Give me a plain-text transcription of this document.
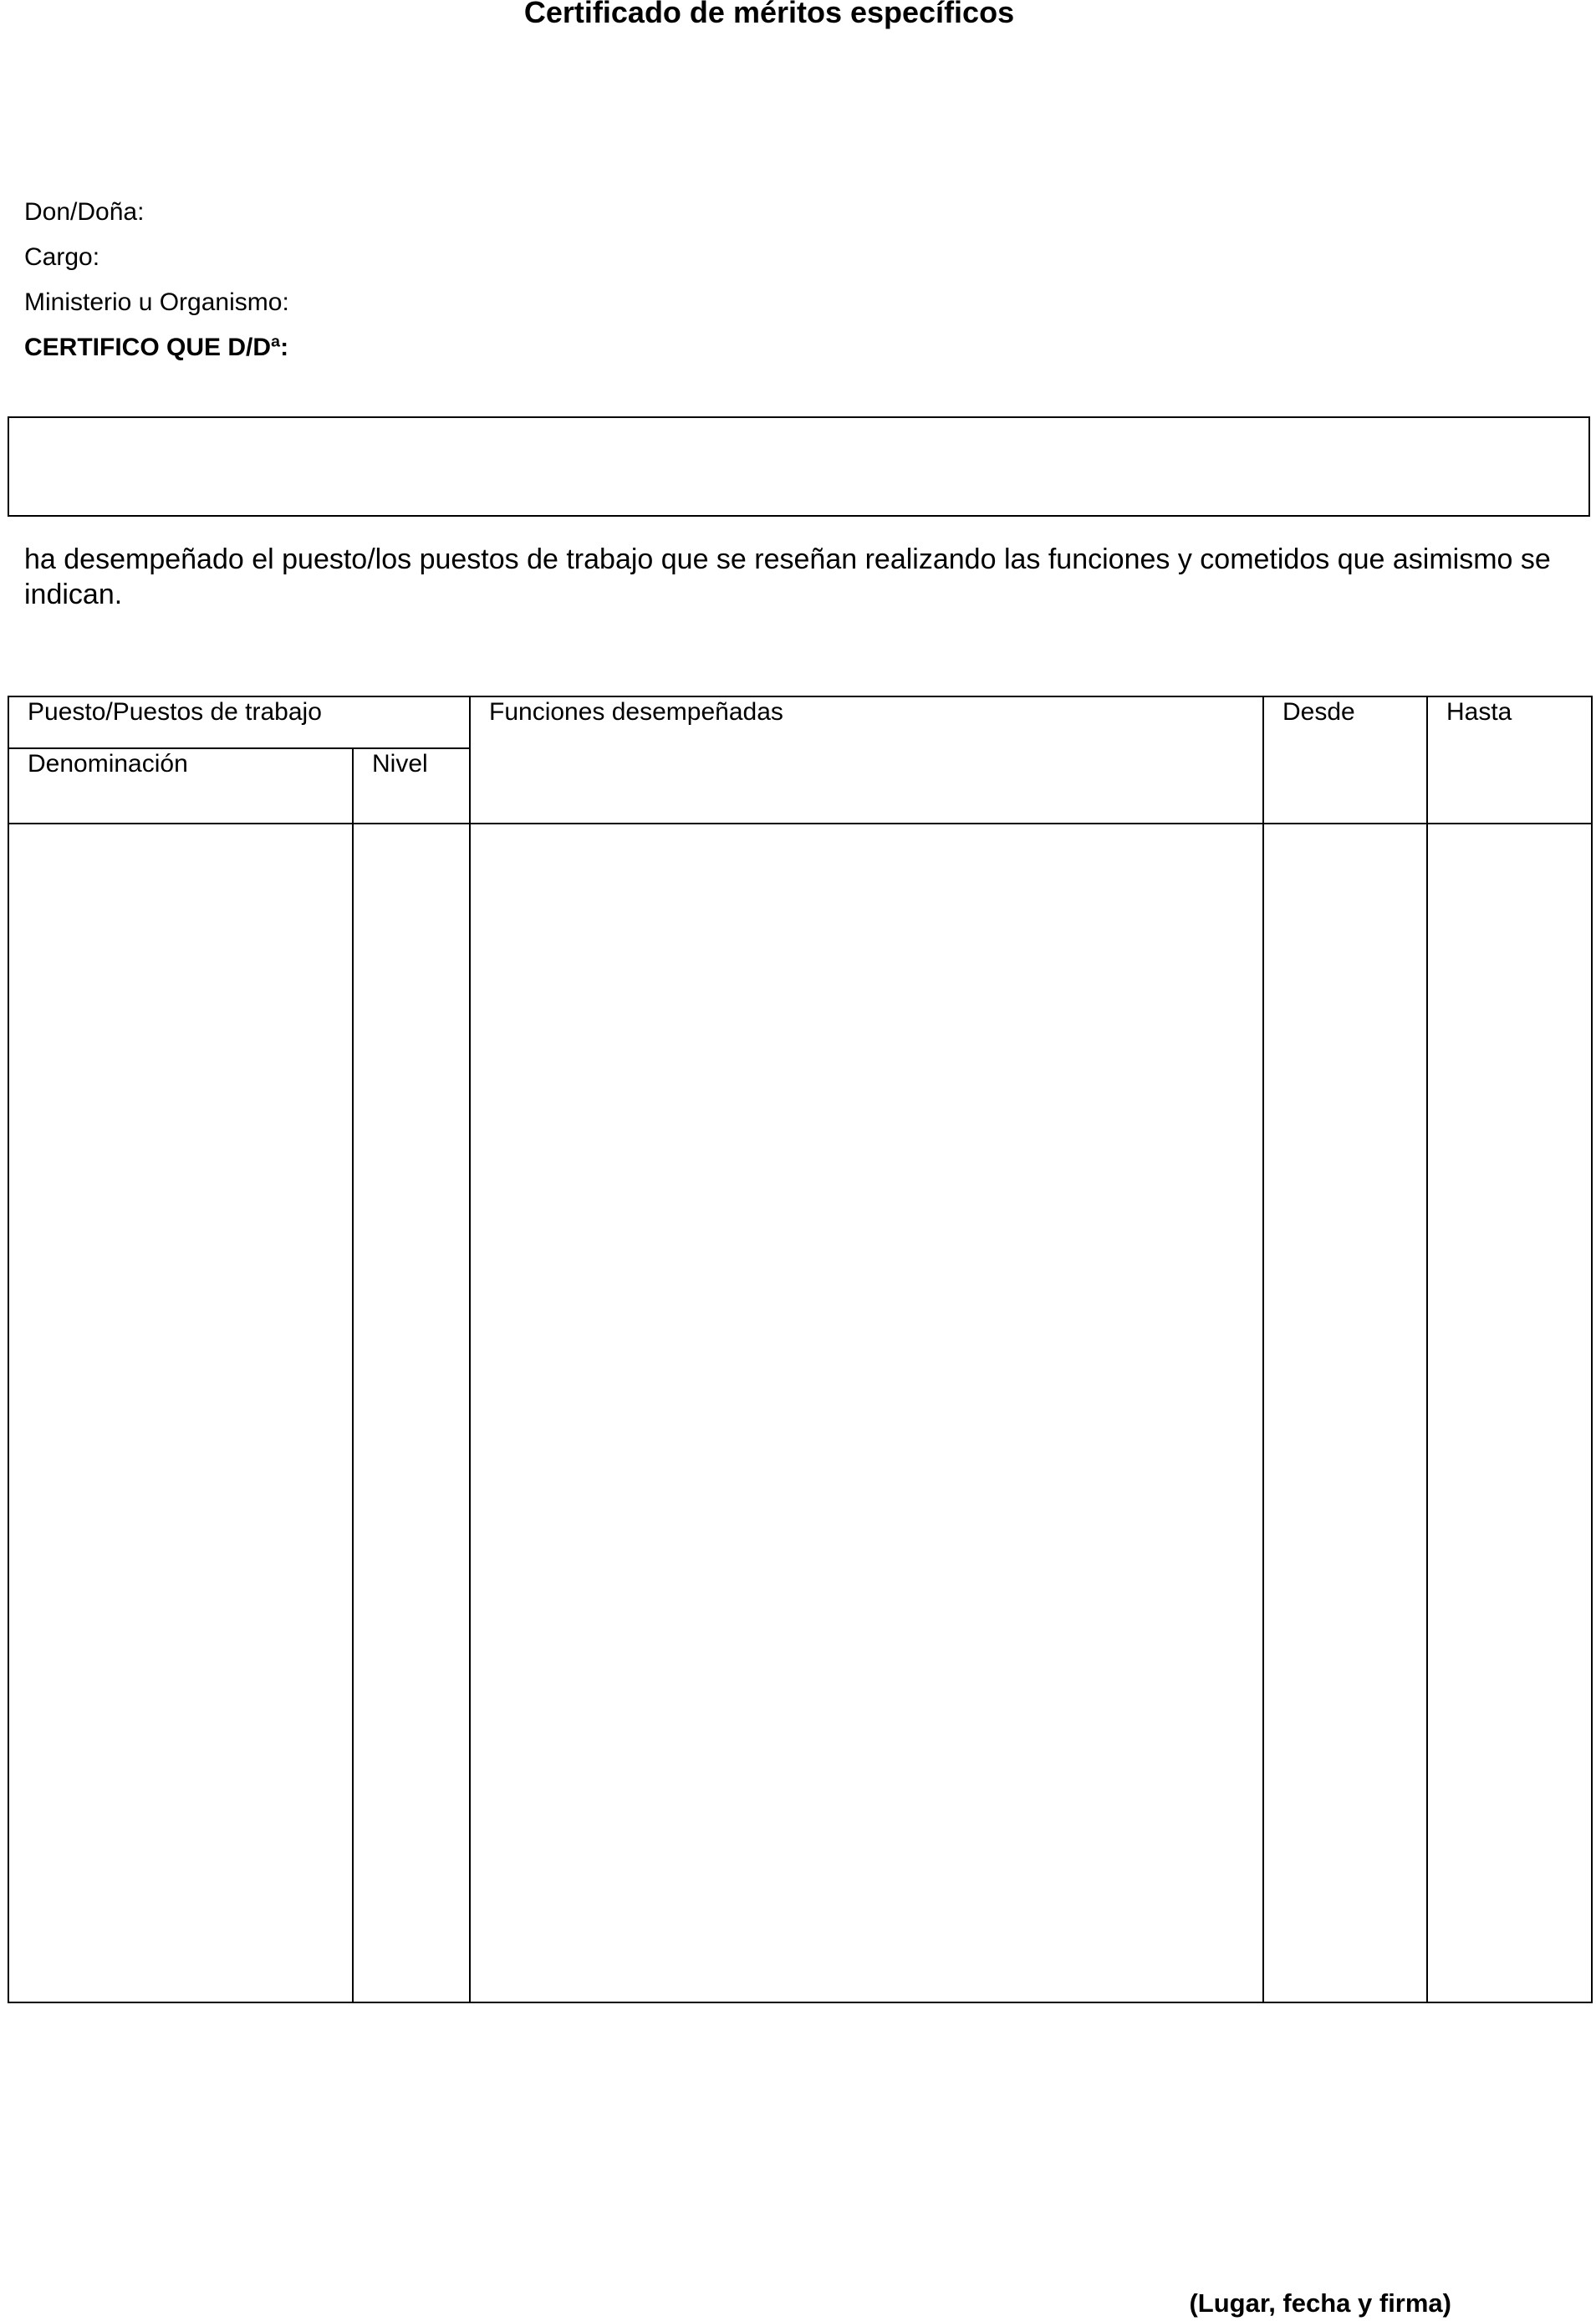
Certificado de méritos específicos
Don/Doña:
Cargo:
Ministerio u Organismo:
CERTIFICO QUE D/Dª:
ha desempeñado el puesto/los puestos de trabajo que se reseñan realizando las funciones y cometidos que asimismo se indican.
Puesto/Puestos de trabajo		Funciones desempeñadas	Desde	Hasta
Denominación	Nivel			

(Lugar, fecha y firma)
